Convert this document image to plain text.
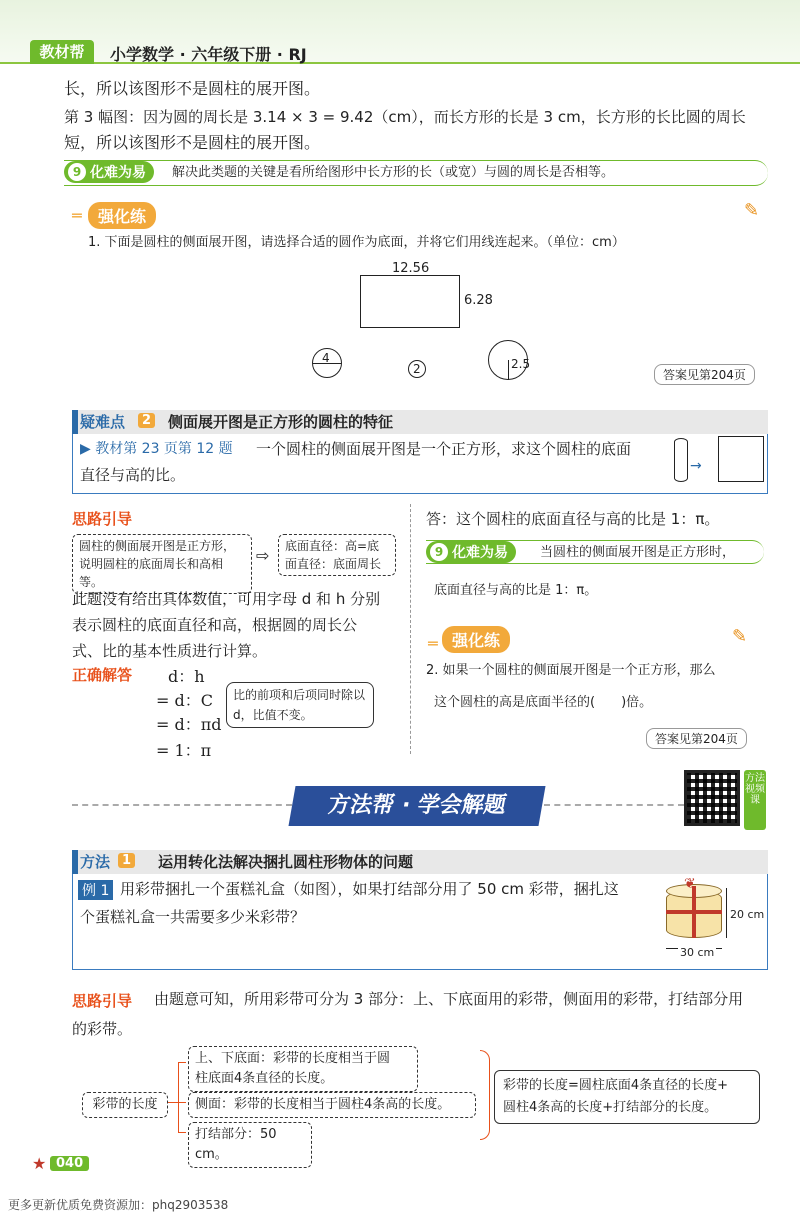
教材帮	小学数学 · 六年级下册 · RJ
长，所以该图形不是圆柱的展开图。
第 3 幅图：因为圆的周长是 3.14 × 3 = 9.42（cm），而长方形的长是 3 cm，长方形的长比圆的周长
短，所以该图形不是圆柱的展开图。
9 化难为易 解决此类题的关键是看所给图形中长方形的长（或宽）与圆的周长是否相等。
═	强化练	✎
1. 下面是圆柱的侧面展开图，请选择合适的圆作为底面，并将它们用线连起来。（单位：cm）
12.56
6.28
4
2	2.5
答案见第204页
疑难点	2 侧面展开图是正方形的圆柱的特征
▶ 教材第 23 页第 12 题 一个圆柱的侧面展开图是一个正方形，求这个圆柱的底面
直径与高的比。	→
思路引导
圆柱的侧面展开图是正方形，说明圆柱的底面周长和高相等。
⇨ 底面直径：高=底
面直径：底面周长
此题没有给出具体数值，可用字母 d 和 h 分别
表示圆柱的底面直径和高，根据圆的周长公
式、比的基本性质进行计算。
正确解答 d：h
= d：C
= d：πd
= 1：π
比的前项和后项同时除以d，比值不变。
答：这个圆柱的底面直径与高的比是 1：π。
9 化难为易 当圆柱的侧面展开图是正方形时，
底面直径与高的比是 1：π。
═ 强化练	✎
2. 如果一个圆柱的侧面展开图是一个正方形，那么
这个圆柱的高是底面半径的(　　)倍。
答案见第204页
方法帮 · 学会解题
方法视频课
方法 1 运用转化法解决捆扎圆柱形物体的问题
例 1 用彩带捆扎一个蛋糕礼盒（如图），如果打结部分用了 50 cm 彩带，捆扎这
个蛋糕礼盒一共需要多少米彩带？
❦
20 cm
30 cm
思路引导 由题意可知，所用彩带可分为 3 部分：上、下底面用的彩带，侧面用的彩带，打结部分用
的彩带。
彩带的长度
上、下底面：彩带的长度相当于圆
柱底面4条直径的长度。
侧面：彩带的长度相当于圆柱4条高的长度。
打结部分：50 cm。
彩带的长度=圆柱底面4条直径的长度+
圆柱4条高的长度+打结部分的长度。
★ 040
更多更新优质免费资源加：phq2903538
